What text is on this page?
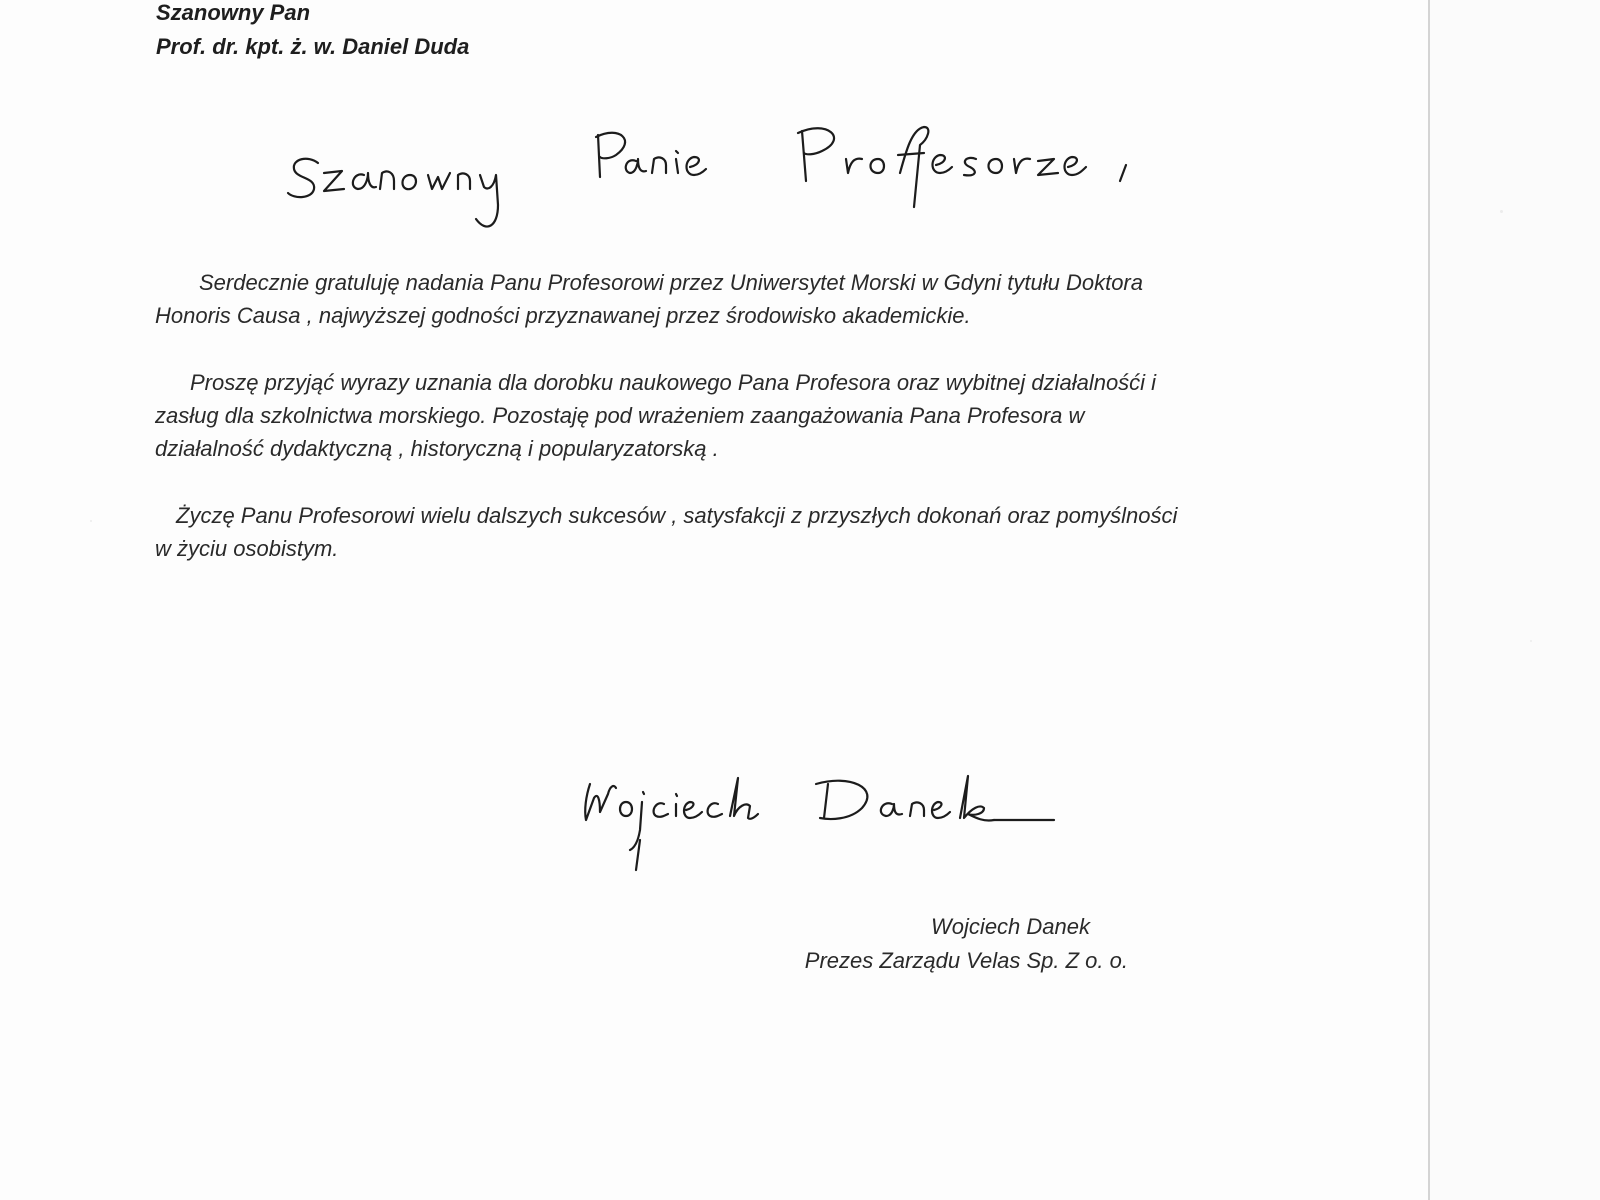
Szanowny Pan
Prof. dr. kpt. ż. w. Daniel Duda

Serdecznie gratuluję nadania Panu Profesorowi przez Uniwersytet Morski w Gdyni tytułu Doktora Honoris Causa , najwyższej godności przyznawanej przez środowisko akademickie.

Proszę przyjąć wyrazy uznania dla dorobku naukowego Pana Profesora oraz wybitnej działalnośći i zasług dla szkolnictwa morskiego. Pozostaję pod wrażeniem zaangażowania Pana Profesora w działalność dydaktyczną , historyczną i popularyzatorską .

Życzę Panu Profesorowi wielu dalszych sukcesów , satysfakcji z przyszłych dokonań oraz pomyślności w życiu osobistym.

Wojciech Danek
Prezes Zarządu Velas Sp. Z o. o.
